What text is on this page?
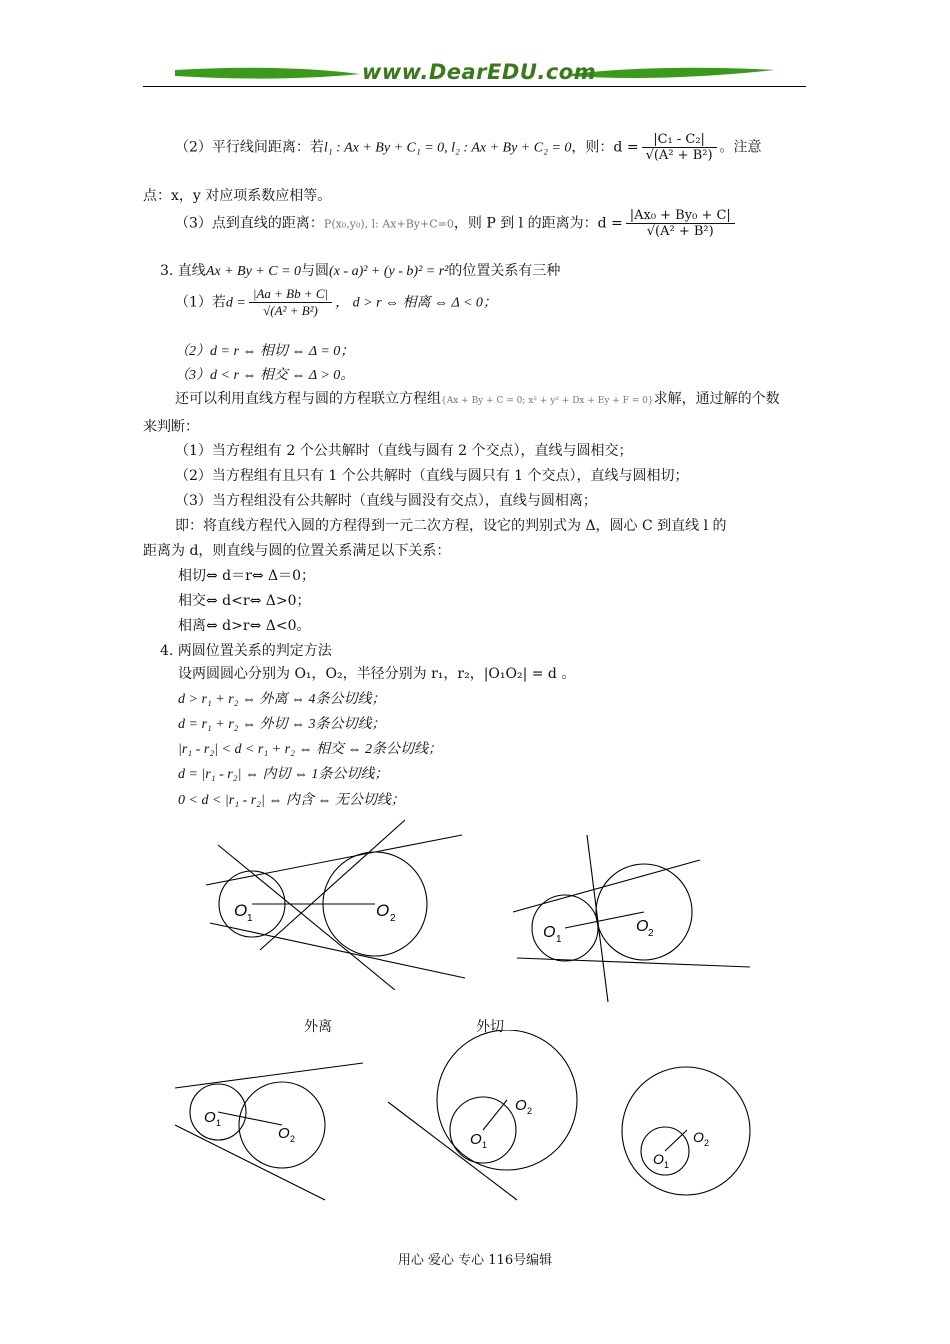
www.DearEDU.com
（2）平行线间距离：若l₁ : Ax + By + C₁ = 0, l₂ : Ax + By + C₂ = 0，则：$d = \frac{\text{|C₁ - C₂|}}{\text{√(A² + B²)}}$ 。注意
点：x，y 对应项系数应相等。
（3）点到直线的距离：P(x₀,y₀), l: Ax+By+C=0，则 P 到 l 的距离为：$d = \frac{\text{|Ax₀ + By₀ + C|}}{\text{√(A² + B²)}}$
3. 直线Ax + By + C = 0与圆(x - a)² + (y - b)² = r²的位置关系有三种
（1）若$d = \frac{|Aa + Bb + C|}{\text{√(A² + B²)}}$ ， d > r ⇔ 相离 ⇔ Δ < 0；
（2）d = r ⇔ 相切 ⇔ Δ = 0；
（3）d < r ⇔ 相交 ⇔ Δ > 0。
还可以利用直线方程与圆的方程联立方程组{Ax + By + C = 0; x² + y² + Dx + Ey + F = 0}求解，通过解的个数
来判断：
（1）当方程组有 2 个公共解时（直线与圆有 2 个交点），直线与圆相交；
（2）当方程组有且只有 1 个公共解时（直线与圆只有 1 个交点），直线与圆相切；
（3）当方程组没有公共解时（直线与圆没有交点），直线与圆相离；
即：将直线方程代入圆的方程得到一元二次方程，设它的判别式为 Δ，圆心 C 到直线 l 的
距离为 d，则直线与圆的位置关系满足以下关系：
相切⇔ d＝r⇔ Δ＝0；
相交⇔ d<r⇔ Δ>0；
相离⇔ d>r⇔ Δ<0。
4. 两圆位置关系的判定方法
设两圆圆心分别为 O₁，O₂，半径分别为 r₁，r₂，|O₁O₂| = d 。
d > r₁ + r₂ ⇔ 外离 ⇔ 4条公切线；
d = r₁ + r₂ ⇔ 外切 ⇔ 3条公切线；
|r₁ - r₂| < d < r₁ + r₂ ⇔ 相交 ⇔ 2条公切线；
d = |r₁ - r₂| ⇔ 内切 ⇔ 1条公切线；
0 < d < |r₁ - r₂| ⇔ 内含 ⇔ 无公切线；
O 1	O 2
O 1
O 2
外离	外切
O 1
O 2	O 1
O 2
O 1
O 2
用心 爱心 专心 116号编辑
